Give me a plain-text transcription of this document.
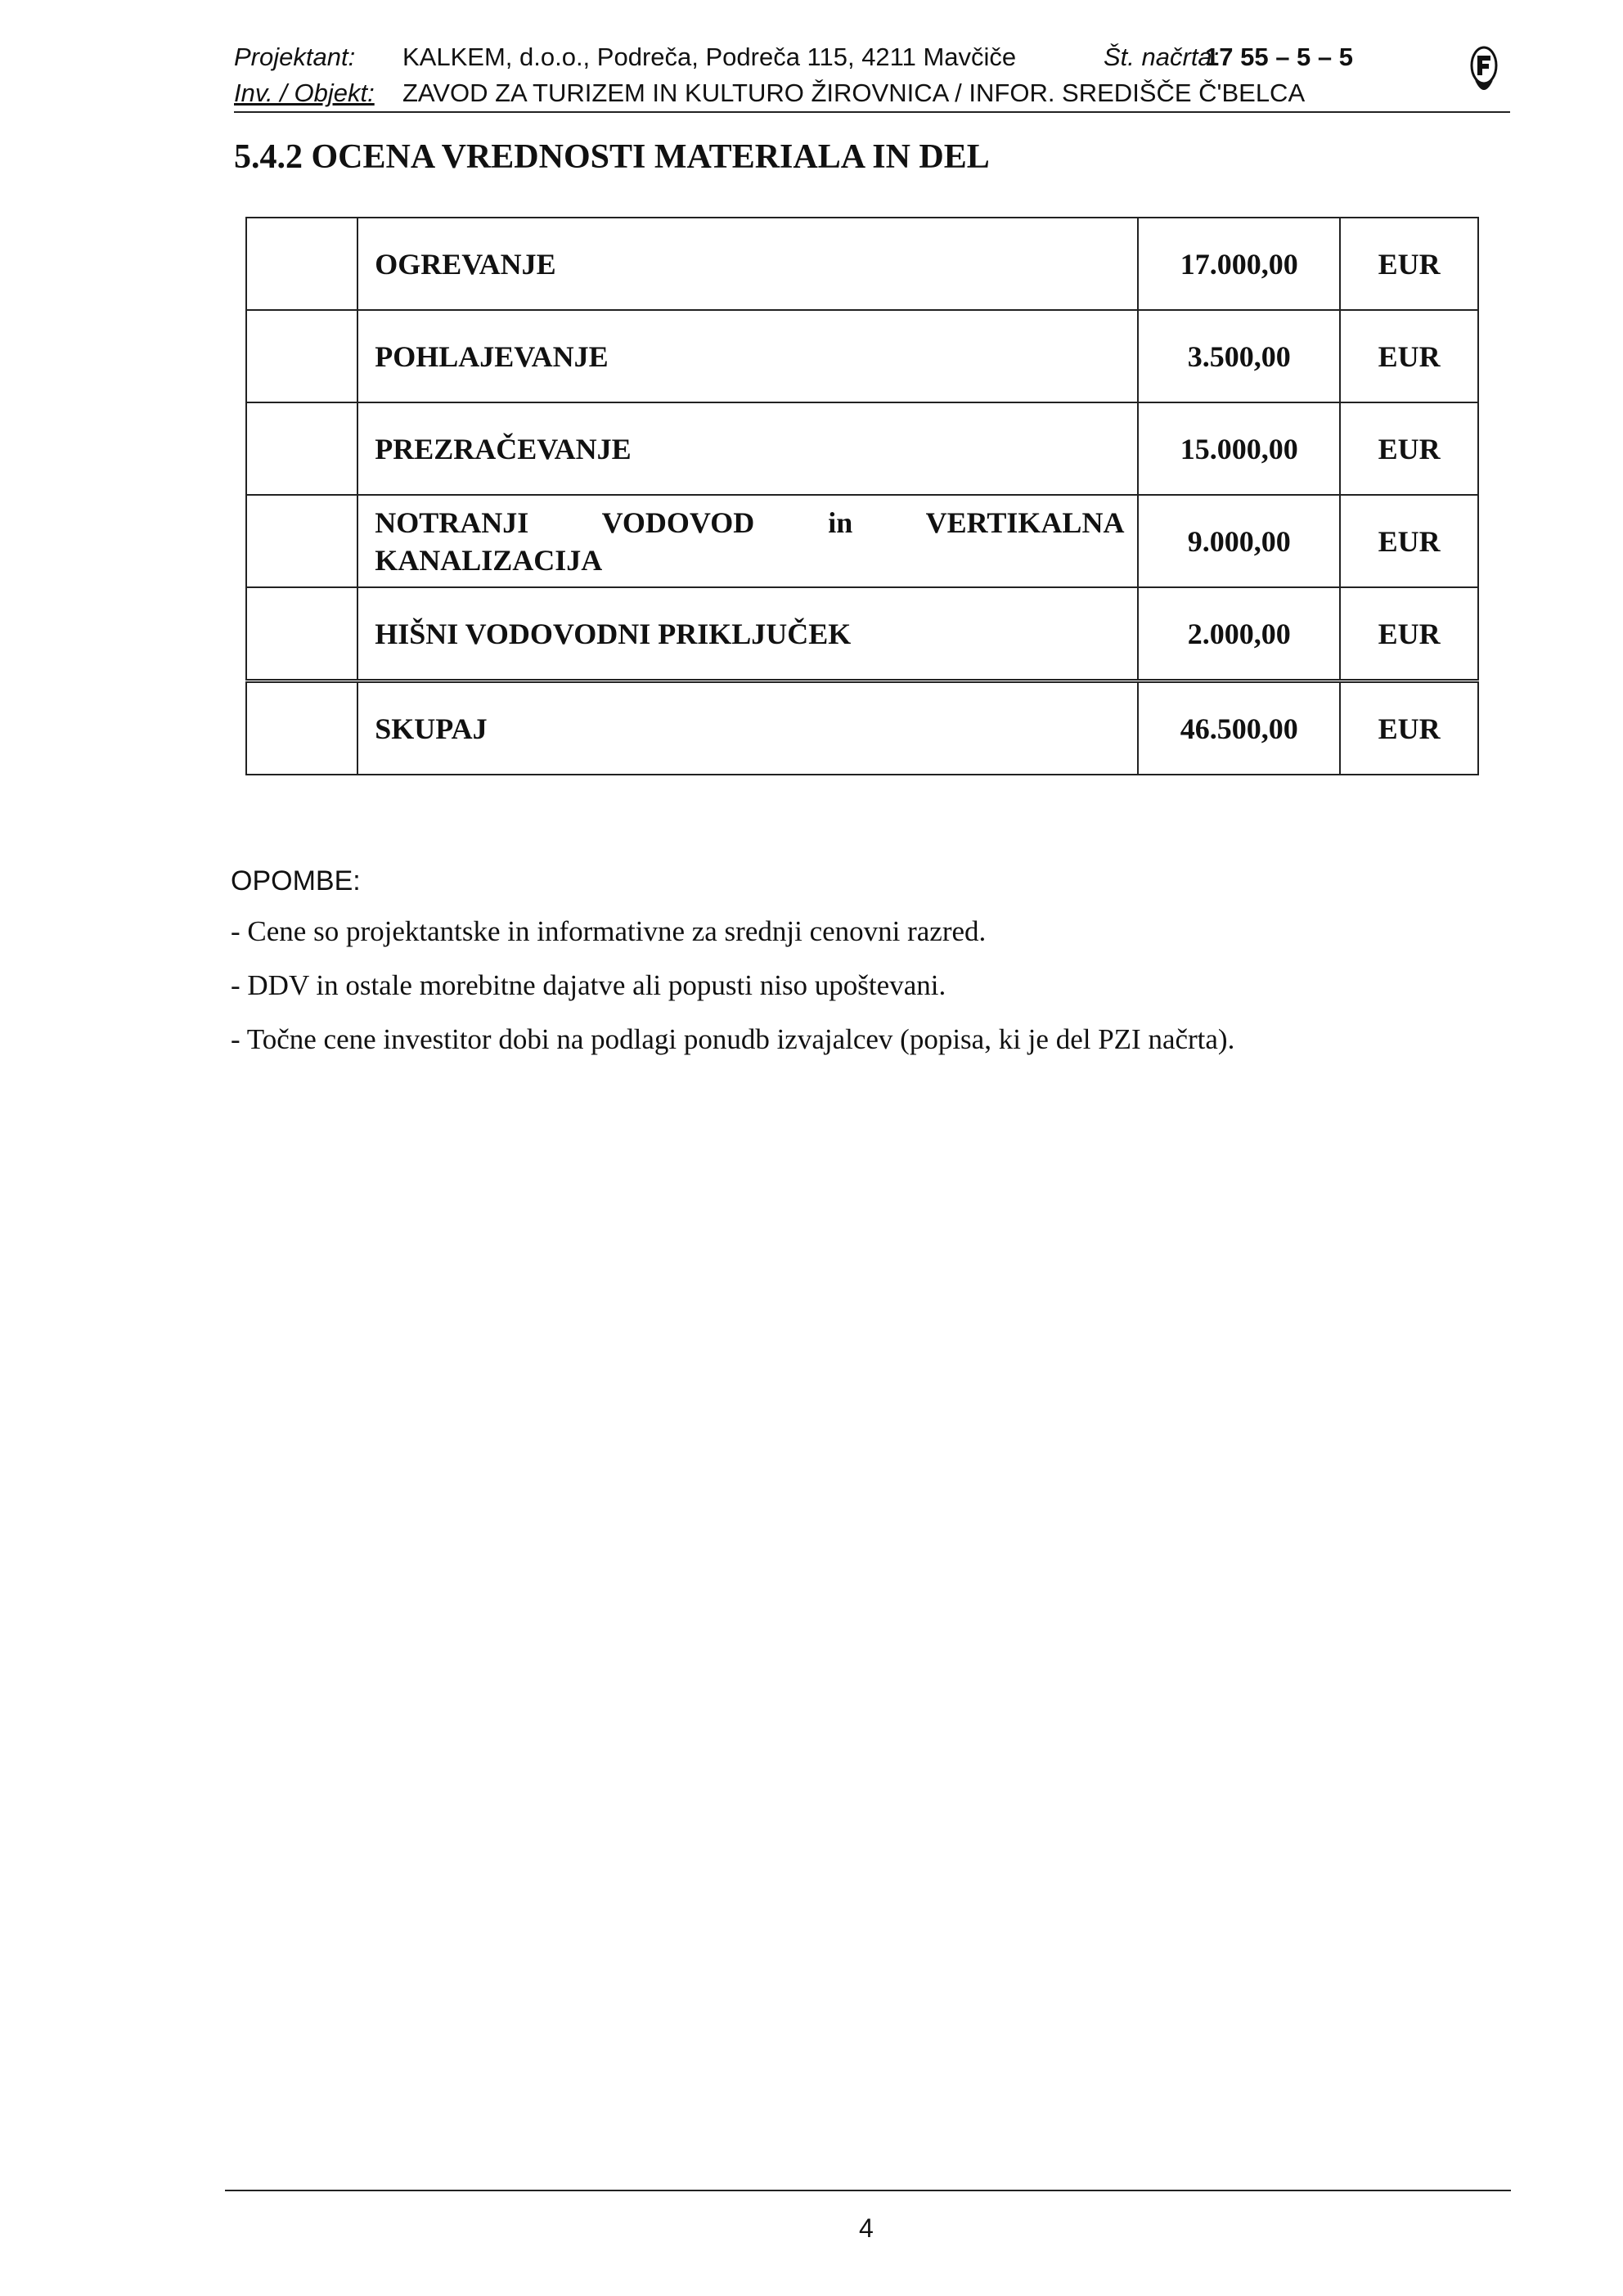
Projektant: KALKEM, d.o.o., Podreča, Podreča 115, 4211 Mavčiče	Št. načrta:
17 55 – 5 – 5
Inv. / Objekt: ZAVOD ZA TURIZEM IN KULTURO ŽIROVNICA / INFOR. SREDIŠČE Č'BELCA
5.4.2 OCENA VREDNOSTI MATERIALA IN DEL
	OGREVANJE	17.000,00	EUR
	POHLAJEVANJE	3.500,00	EUR
	PREZRAČEVANJE	15.000,00	EUR

	NOTRANJI VODOVOD in VERTIKALNA KANALIZACIJA	9.000,00	EUR
	HIŠNI VODOVODNI PRIKLJUČEK	2.000,00	EUR
	SKUPAJ	46.500,00	EUR
OPOMBE:
- Cene so projektantske in informativne za srednji cenovni razred.
- DDV in ostale morebitne dajatve ali popusti niso upoštevani.
- Točne cene investitor dobi na podlagi ponudb izvajalcev (popisa, ki je del PZI načrta).
4
